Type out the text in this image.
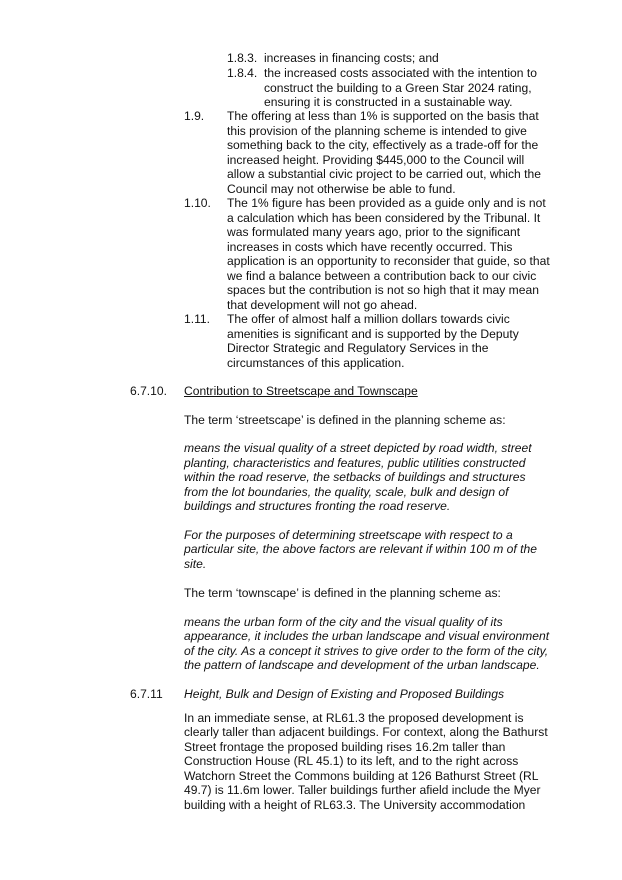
1.8.3. increases in financing costs; and
1.8.4. the increased costs associated with the intention to
construct the building to a Green Star 2024 rating,
ensuring it is constructed in a sustainable way.
1.9. The offering at less than 1% is supported on the basis that
this provision of the planning scheme is intended to give
something back to the city, effectively as a trade-off for the
increased height. Providing $445,000 to the Council will
allow a substantial civic project to be carried out, which the
Council may not otherwise be able to fund.
1.10. The 1% figure has been provided as a guide only and is not
a calculation which has been considered by the Tribunal. It
was formulated many years ago, prior to the significant
increases in costs which have recently occurred. This
application is an opportunity to reconsider that guide, so that
we find a balance between a contribution back to our civic
spaces but the contribution is not so high that it may mean
that development will not go ahead.
1.11. The offer of almost half a million dollars towards civic
amenities is significant and is supported by the Deputy
Director Strategic and Regulatory Services in the
circumstances of this application.
6.7.10. Contribution to Streetscape and Townscape
The term ‘streetscape’ is defined in the planning scheme as:
means the visual quality of a street depicted by road width, street
planting, characteristics and features, public utilities constructed
within the road reserve, the setbacks of buildings and structures
from the lot boundaries, the quality, scale, bulk and design of
buildings and structures fronting the road reserve.
For the purposes of determining streetscape with respect to a
particular site, the above factors are relevant if within 100 m of the
site.
The term ‘townscape’ is defined in the planning scheme as:
means the urban form of the city and the visual quality of its
appearance, it includes the urban landscape and visual environment
of the city. As a concept it strives to give order to the form of the city,
the pattern of landscape and development of the urban landscape.
6.7.11 Height, Bulk and Design of Existing and Proposed Buildings
In an immediate sense, at RL61.3 the proposed development is
clearly taller than adjacent buildings. For context, along the Bathurst
Street frontage the proposed building rises 16.2m taller than
Construction House (RL 45.1) to its left, and to the right across
Watchorn Street the Commons building at 126 Bathurst Street (RL
49.7) is 11.6m lower. Taller buildings further afield include the Myer
building with a height of RL63.3. The University accommodation
